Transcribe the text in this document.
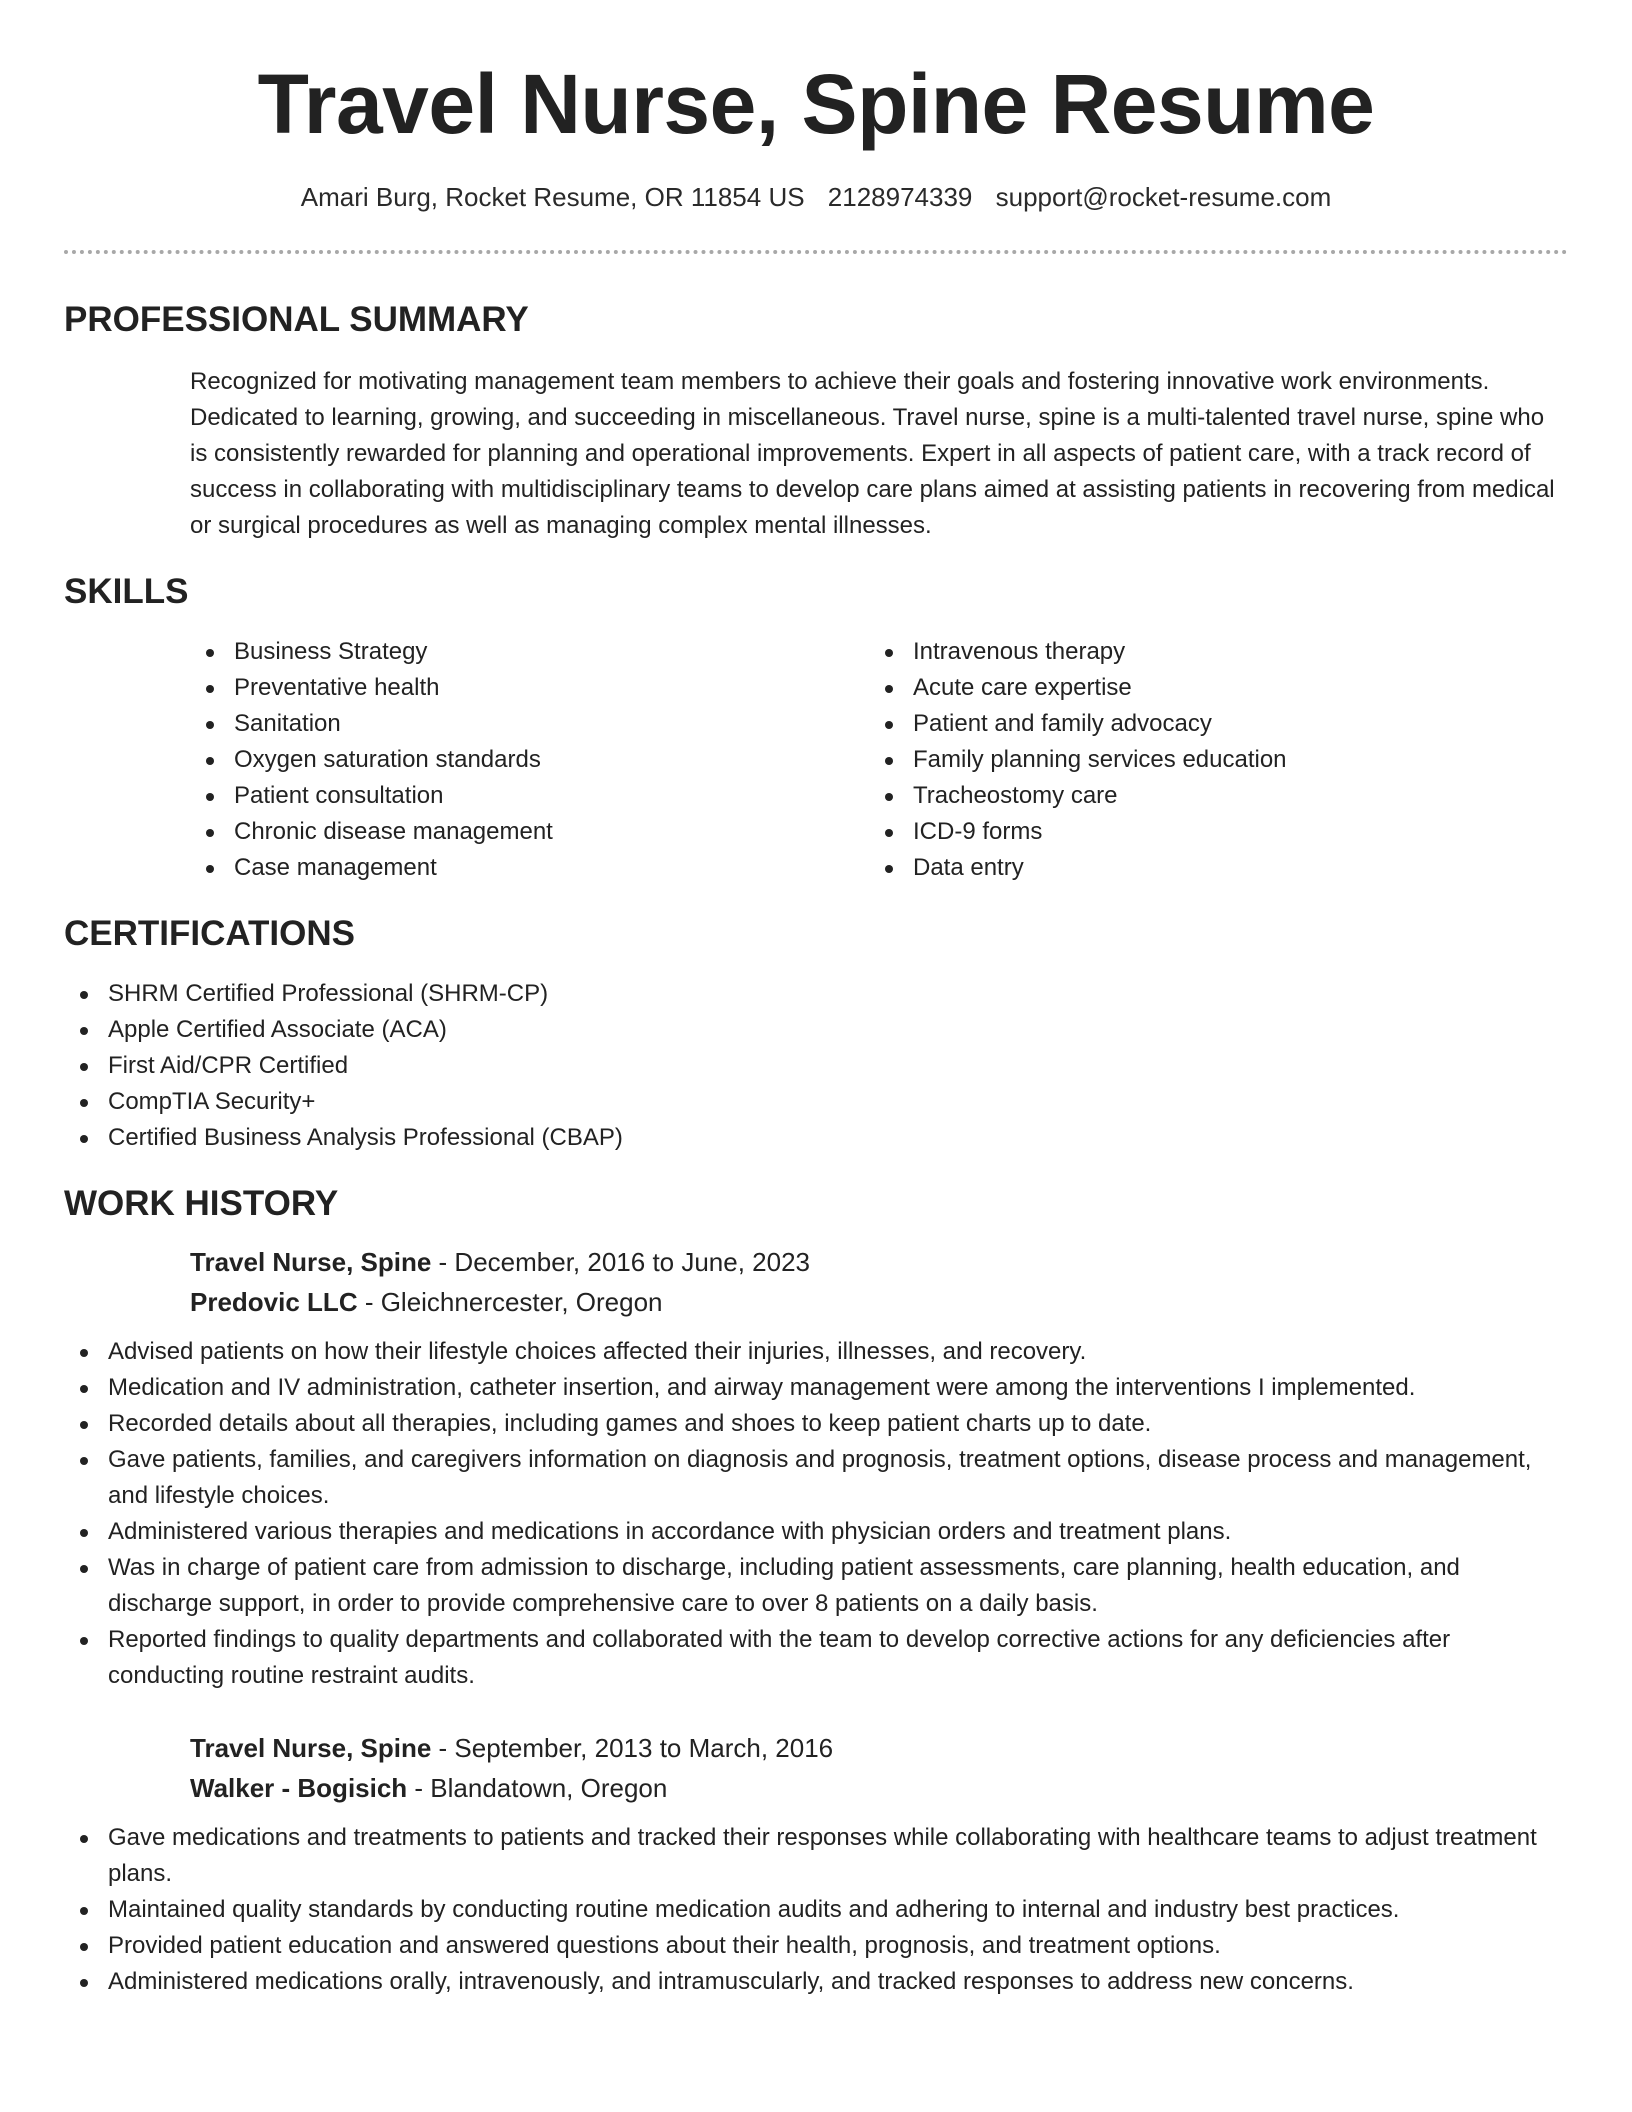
Travel Nurse, Spine Resume
Amari Burg, Rocket Resume, OR 11854 US 2128974339 support@rocket-resume.com
PROFESSIONAL SUMMARY
Recognized for motivating management team members to achieve their goals and fostering innovative work environments. Dedicated to learning, growing, and succeeding in miscellaneous. Travel nurse, spine is a multi-talented travel nurse, spine who is consistently rewarded for planning and operational improvements. Expert in all aspects of patient care, with a track record of success in collaborating with multidisciplinary teams to develop care plans aimed at assisting patients in recovering from medical or surgical procedures as well as managing complex mental illnesses.
SKILLS
Business Strategy
Preventative health
Sanitation
Oxygen saturation standards
Patient consultation
Chronic disease management
Case management
Intravenous therapy
Acute care expertise
Patient and family advocacy
Family planning services education
Tracheostomy care
ICD-9 forms
Data entry
CERTIFICATIONS
SHRM Certified Professional (SHRM-CP)
Apple Certified Associate (ACA)
First Aid/CPR Certified
CompTIA Security+
Certified Business Analysis Professional (CBAP)
WORK HISTORY
Travel Nurse, Spine - December, 2016 to June, 2023
Predovic LLC - Gleichnercester, Oregon
Advised patients on how their lifestyle choices affected their injuries, illnesses, and recovery.
Medication and IV administration, catheter insertion, and airway management were among the interventions I implemented.
Recorded details about all therapies, including games and shoes to keep patient charts up to date.
Gave patients, families, and caregivers information on diagnosis and prognosis, treatment options, disease process and management, and lifestyle choices.
Administered various therapies and medications in accordance with physician orders and treatment plans.
Was in charge of patient care from admission to discharge, including patient assessments, care planning, health education, and discharge support, in order to provide comprehensive care to over 8 patients on a daily basis.
Reported findings to quality departments and collaborated with the team to develop corrective actions for any deficiencies after conducting routine restraint audits.
Travel Nurse, Spine - September, 2013 to March, 2016
Walker - Bogisich - Blandatown, Oregon
Gave medications and treatments to patients and tracked their responses while collaborating with healthcare teams to adjust treatment plans.
Maintained quality standards by conducting routine medication audits and adhering to internal and industry best practices.
Provided patient education and answered questions about their health, prognosis, and treatment options.
Administered medications orally, intravenously, and intramuscularly, and tracked responses to address new concerns.
